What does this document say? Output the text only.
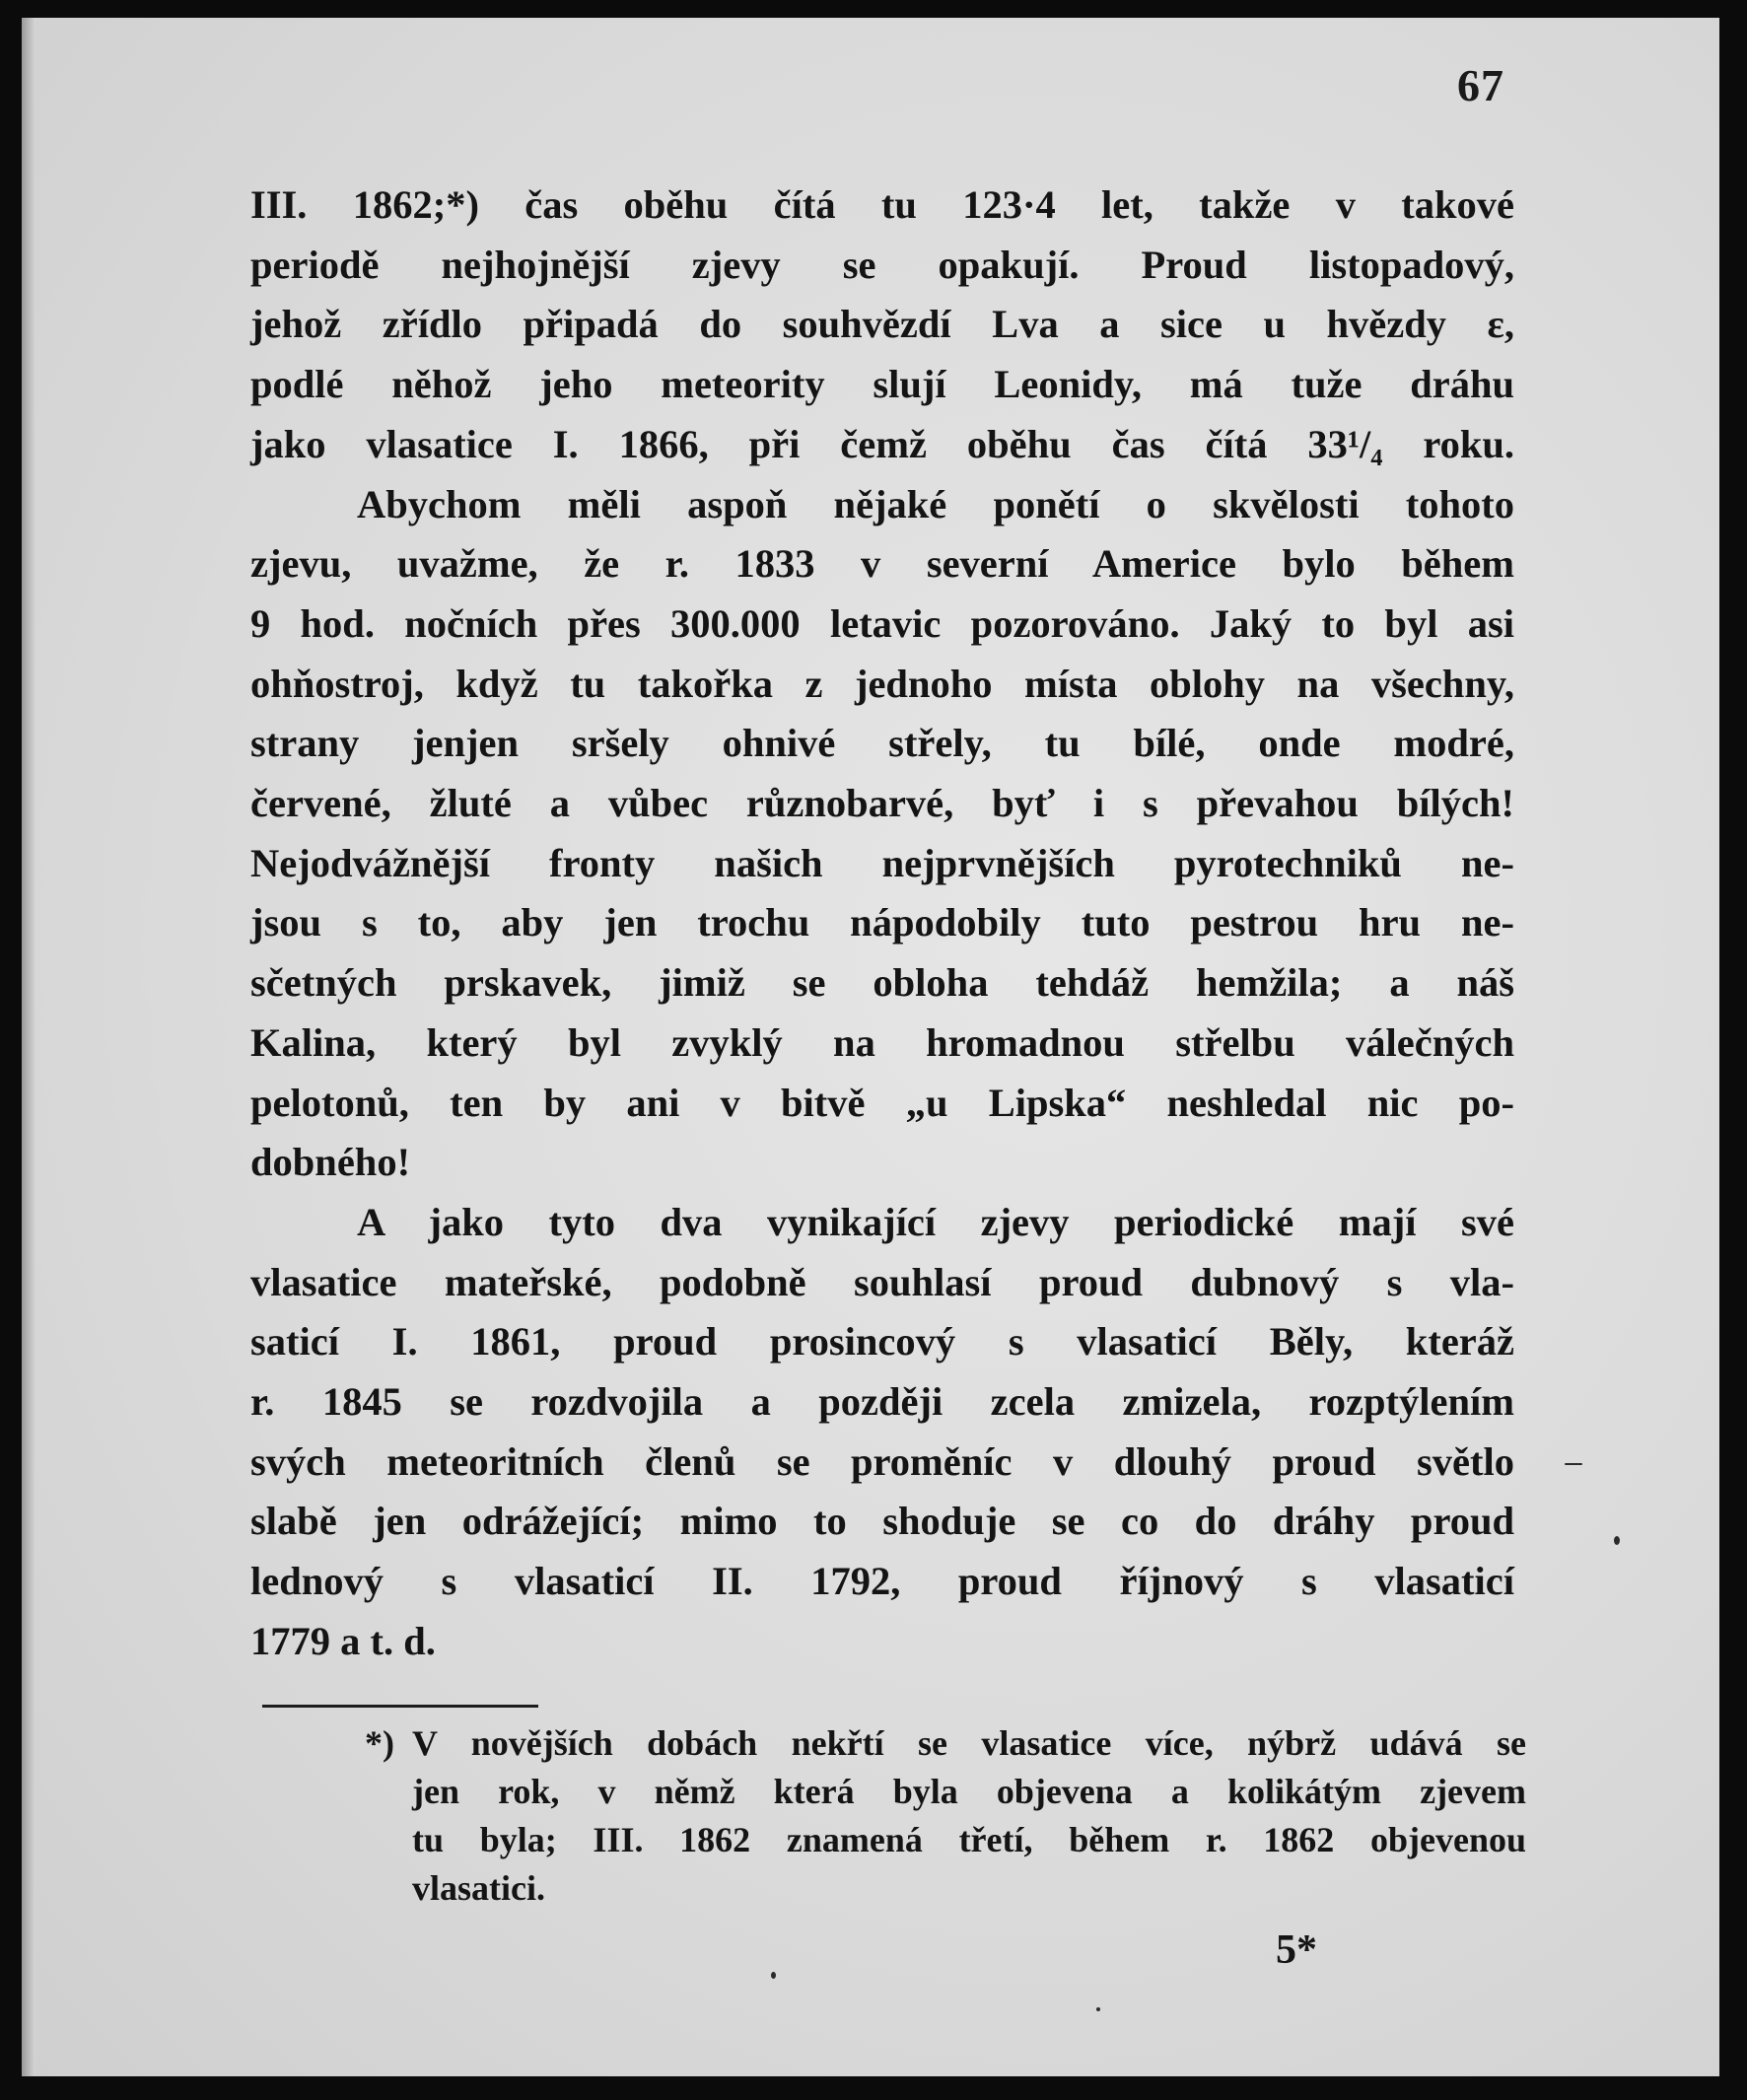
67
III. 1862;*) čas oběhu čítá tu 123·4 let, takže v takové
periodě nejhojnější zjevy se opakují. Proud listopadový,
jehož zřídlo připadá do souhvězdí Lva a sice u hvězdy ε,
podlé něhož jeho meteority slují Leonidy, má tuže dráhu
jako vlasatice I. 1866, při čemž oběhu čas čítá 33¹/₄ roku.
Abychom měli aspoň nějaké ponětí o skvělosti tohoto
zjevu, uvažme, že r. 1833 v severní Americe bylo během
9 hod. nočních přes 300.000 letavic pozorováno. Jaký to byl asi
ohňostroj, když tu takořka z jednoho místa oblohy na všechny,
strany jenjen sršely ohnivé střely, tu bílé, onde modré,
červené, žluté a vůbec různobarvé, byť i s převahou bílých!
Nejodvážnější fronty našich nejprvnějších pyrotechniků ne-
jsou s to, aby jen trochu nápodobily tuto pestrou hru ne-
sčetných prskavek, jimiž se obloha tehdáž hemžila; a náš
Kalina, který byl zvyklý na hromadnou střelbu válečných
pelotonů, ten by ani v bitvě „u Lipska“ neshledal nic po-
dobného!
A jako tyto dva vynikající zjevy periodické mají své
vlasatice mateřské, podobně souhlasí proud dubnový s vla-
saticí I. 1861, proud prosincový s vlasaticí Běly, kteráž
r. 1845 se rozdvojila a později zcela zmizela, rozptýlením
svých meteoritních členů se proměníc v dlouhý proud světlo
slabě jen odrážející; mimo to shoduje se co do dráhy proud
lednový s vlasaticí II. 1792, proud říjnový s vlasaticí
1779 a t. d.
*) V novějších dobách nekřtí se vlasatice více, nýbrž udává se
jen rok, v němž která byla objevena a kolikátým zjevem
tu byla; III. 1862 znamená třetí, během r. 1862 objevenou
vlasatici.
5*
